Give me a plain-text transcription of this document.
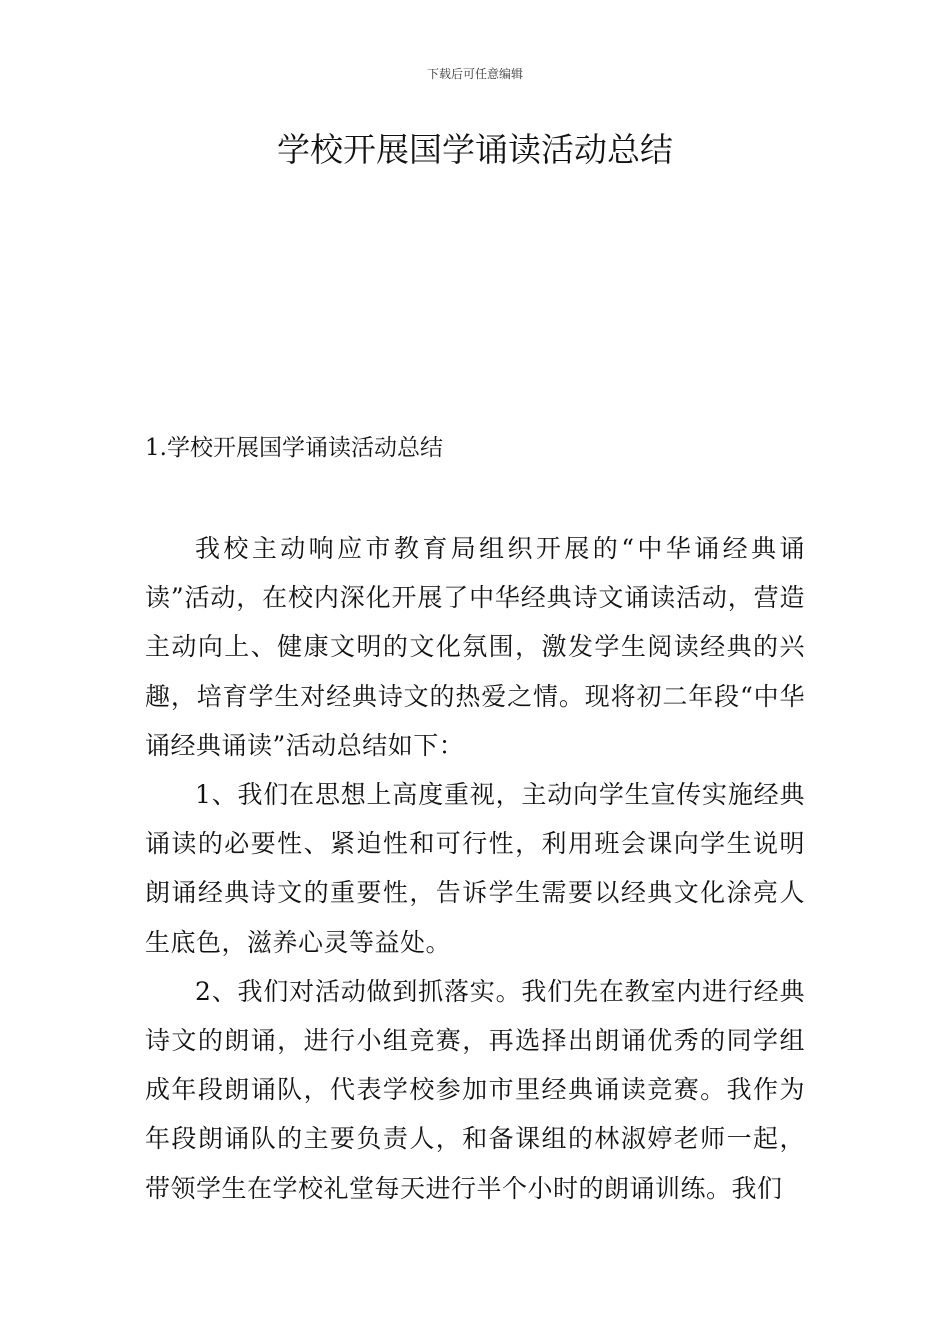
下载后可任意编辑
学校开展国学诵读活动总结
1.学校开展国学诵读活动总结

我校主动响应市教育局组织开展的“中华诵经典诵读”活动，在校内深化开展了中华经典诗文诵读活动，营造主动向上、健康文明的文化氛围，激发学生阅读经典的兴趣，培育学生对经典诗文的热爱之情。现将初二年段“中华诵经典诵读”活动总结如下：

1、我们在思想上高度重视，主动向学生宣传实施经典诵读的必要性、紧迫性和可行性，利用班会课向学生说明朗诵经典诗文的重要性，告诉学生需要以经典文化涂亮人生底色，滋养心灵等益处。

2、我们对活动做到抓落实。我们先在教室内进行经典诗文的朗诵，进行小组竞赛，再选择出朗诵优秀的同学组成年段朗诵队，代表学校参加市里经典诵读竞赛。我作为年段朗诵队的主要负责人，和备课组的林淑婷老师一起，带领学生在学校礼堂每天进行半个小时的朗诵训练。我们
